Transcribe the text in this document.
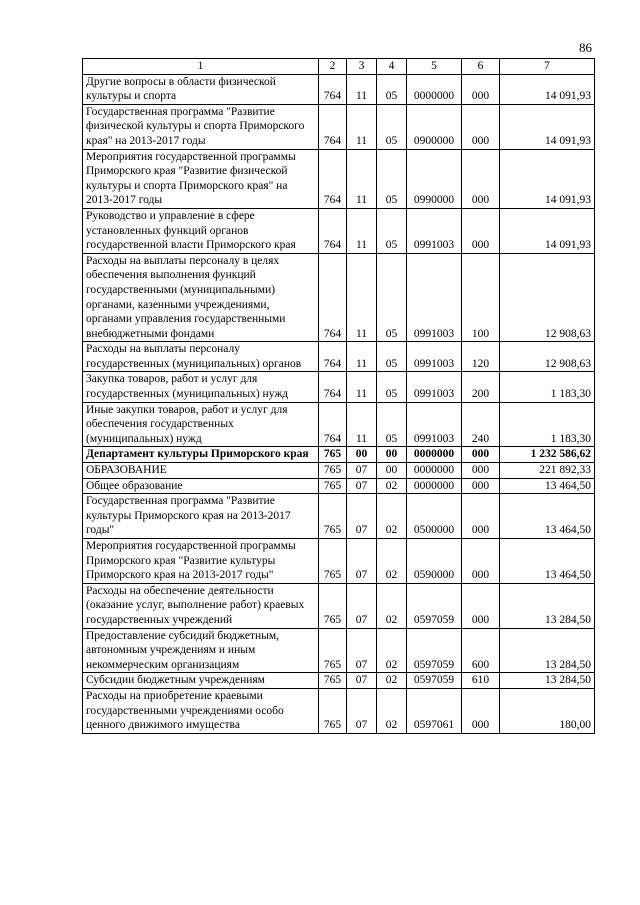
86
1	2	3	4	5	6	7
Другие вопросы в области физической культуры и спорта	764	11	05	0000000	000	14 091,93
Государственная программа "Развитие физической культуры и спорта Приморского края" на 2013-2017 годы	764	11	05	0900000	000	14 091,93
Мероприятия государственной программы Приморского края "Развитие физической культуры и спорта Приморского края" на 2013-2017 годы	764	11	05	0990000	000	14 091,93
Руководство и управление в сфере установленных функций органов государственной власти Приморского края	764	11	05	0991003	000	14 091,93
Расходы на выплаты персоналу в целях обеспечения выполнения функций государственными (муниципальными) органами, казенными учреждениями, органами управления государственными внебюджетными фондами	764	11	05	0991003	100	12 908,63
Расходы на выплаты персоналу государственных (муниципальных) органов	764	11	05	0991003	120	12 908,63
Закупка товаров, работ и услуг для государственных (муниципальных) нужд	764	11	05	0991003	200	1 183,30
Иные закупки товаров, работ и услуг для обеспечения государственных (муниципальных) нужд	764	11	05	0991003	240	1 183,30
Департамент культуры Приморского края	765	00	00	0000000	000	1 232 586,62
ОБРАЗОВАНИЕ	765	07	00	0000000	000	221 892,33
Общее образование	765	07	02	0000000	000	13 464,50
Государственная программа "Развитие культуры Приморского края на 2013-2017 годы"	765	07	02	0500000	000	13 464,50
Мероприятия государственной программы Приморского края "Развитие культуры Приморского края на 2013-2017 годы"	765	07	02	0590000	000	13 464,50
Расходы на обеспечение деятельности (оказание услуг, выполнение работ) краевых государственных учреждений	765	07	02	0597059	000	13 284,50
Предоставление субсидий бюджетным, автономным учреждениям и иным некоммерческим организациям	765	07	02	0597059	600	13 284,50
Субсидии бюджетным учреждениям	765	07	02	0597059	610	13 284,50
Расходы на приобретение краевыми государственными учреждениями особо ценного движимого имущества	765	07	02	0597061	000	180,00
